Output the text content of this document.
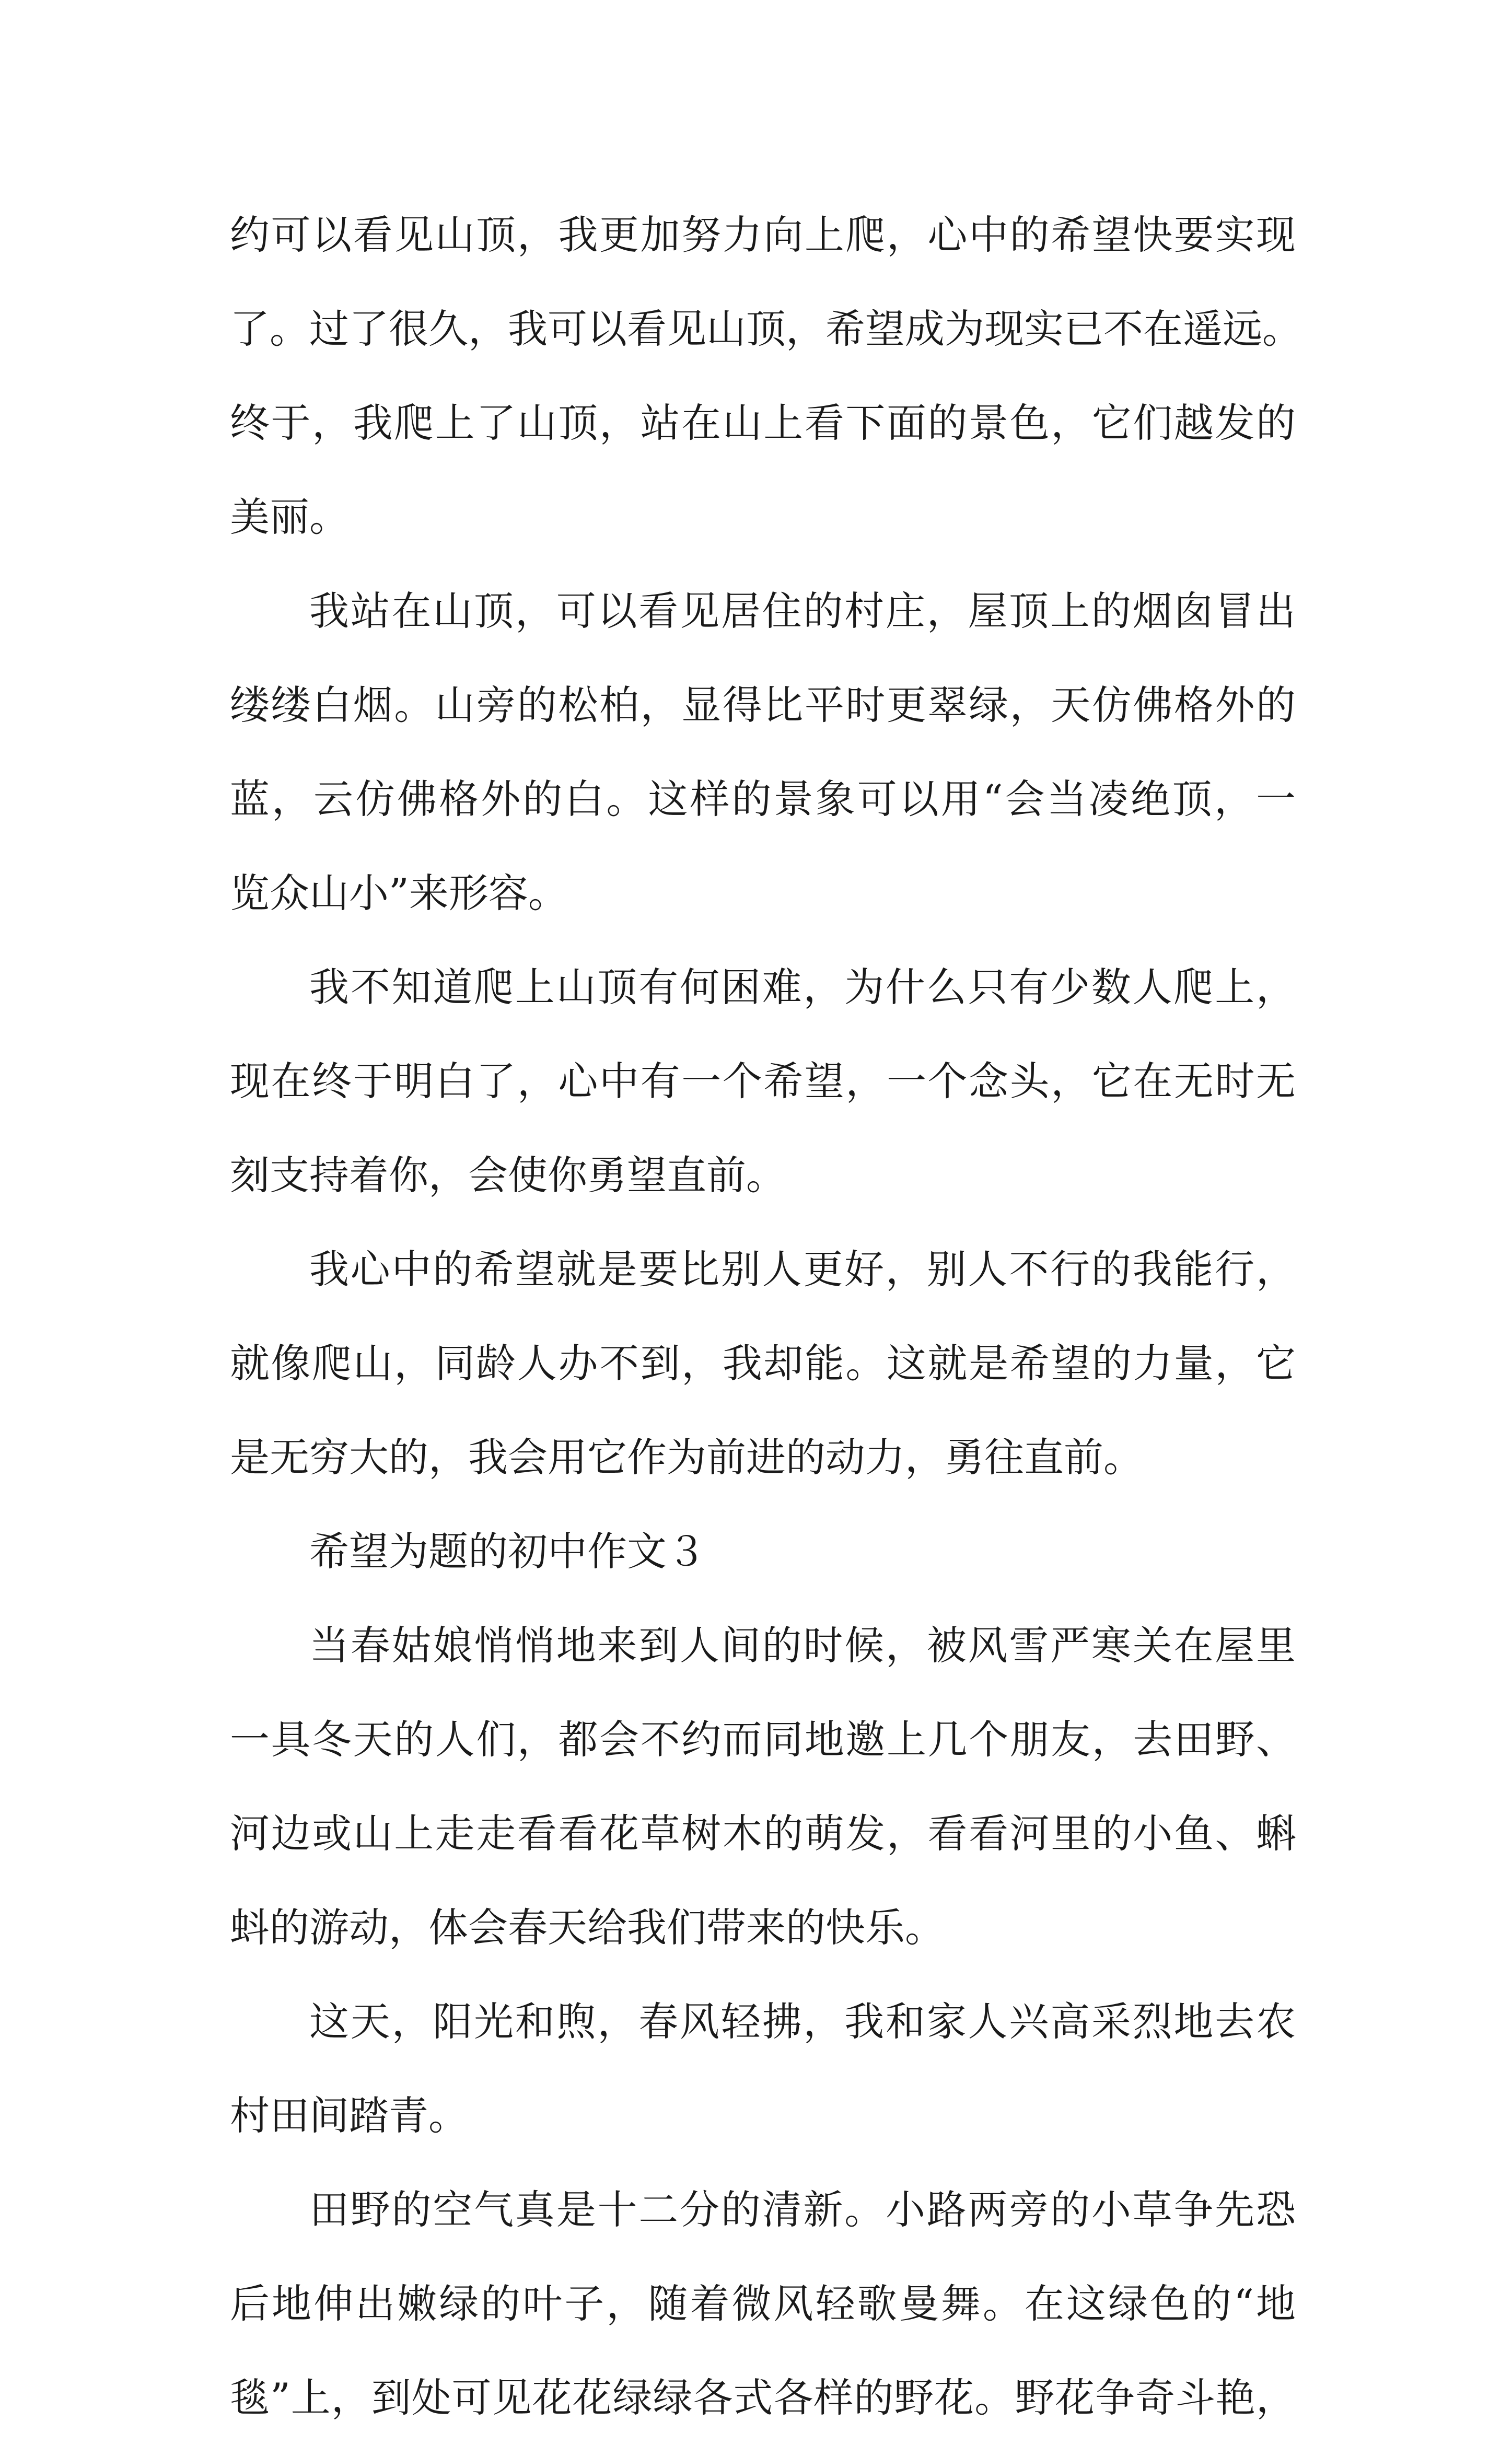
约可以看见山顶，我更加努力向上爬，心中的希望快要实现
了。过了很久，我可以看见山顶，希望成为现实已不在遥远。
终于，我爬上了山顶，站在山上看下面的景色，它们越发的
美丽。
我站在山顶，可以看见居住的村庄，屋顶上的烟囱冒出
缕缕白烟。山旁的松柏，显得比平时更翠绿，天仿佛格外的
蓝，云仿佛格外的白。这样的景象可以用“会当凌绝顶，一
览众山小”来形容。
我不知道爬上山顶有何困难，为什么只有少数人爬上，
现在终于明白了，心中有一个希望，一个念头，它在无时无
刻支持着你，会使你勇望直前。
我心中的希望就是要比别人更好，别人不行的我能行，
就像爬山，同龄人办不到，我却能。这就是希望的力量，它
是无穷大的，我会用它作为前进的动力，勇往直前。
希望为题的初中作文３
当春姑娘悄悄地来到人间的时候，被风雪严寒关在屋里
一具冬天的人们，都会不约而同地邀上几个朋友，去田野、
河边或山上走走看看花草树木的萌发，看看河里的小鱼、蝌
蚪的游动，体会春天给我们带来的快乐。
这天，阳光和煦，春风轻拂，我和家人兴高采烈地去农
村田间踏青。
田野的空气真是十二分的清新。小路两旁的小草争先恐
后地伸出嫩绿的叶子，随着微风轻歌曼舞。在这绿色的“地
毯”上，到处可见花花绿绿各式各样的野花。野花争奇斗艳，
